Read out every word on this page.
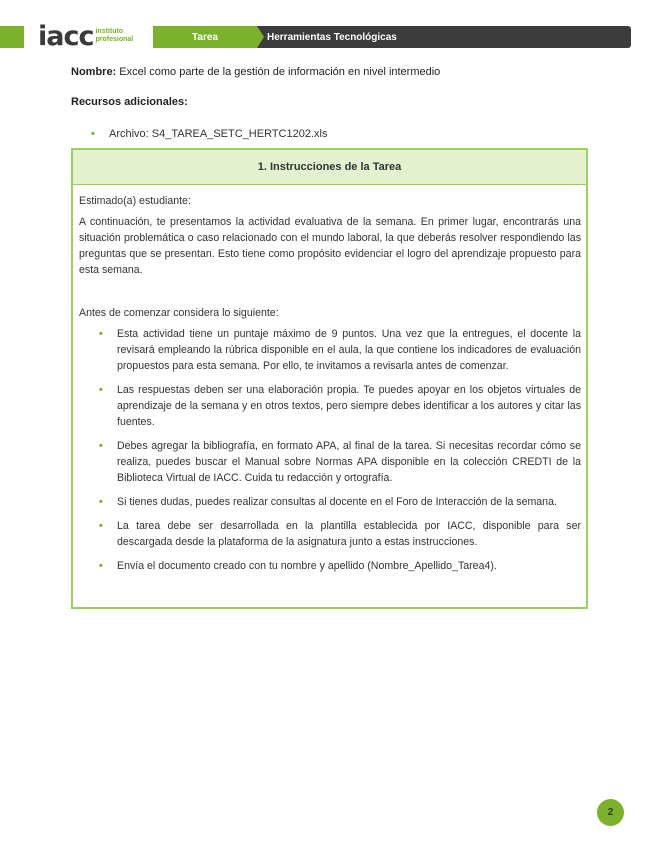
iacc instituto
profesional	Tarea	Herramientas Tecnológicas
Nombre: Excel como parte de la gestión de información en nivel intermedio
Recursos adicionales:
• Archivo: S4_TAREA_SETC_HERTC1202.xls
1. Instrucciones de la Tarea

Estimado(a) estudiante:

A continuación, te presentamos la actividad evaluativa de la semana. En primer lugar, encontrarás una situación problemática o caso relacionado con el mundo laboral, la que deberás resolver respondiendo las preguntas que se presentan. Esto tiene como propósito evidenciar el logro del aprendizaje propuesto para esta semana.

Antes de comenzar considera lo siguiente:

• Esta actividad tiene un puntaje máximo de 9 puntos. Una vez que la entregues, el docente la revisará empleando la rúbrica disponible en el aula, la que contiene los indicadores de evaluación propuestos para esta semana. Por ello, te invitamos a revisarla antes de comenzar.
• Las respuestas deben ser una elaboración propia. Te puedes apoyar en los objetos virtuales de aprendizaje de la semana y en otros textos, pero siempre debes identificar a los autores y citar las fuentes.
• Debes agregar la bibliografía, en formato APA, al final de la tarea. Si necesitas recordar cómo se realiza, puedes buscar el Manual sobre Normas APA disponible en la colección CREDTI de la Biblioteca Virtual de IACC. Cuida tu redacción y ortografía.
• Si tienes dudas, puedes realizar consultas al docente en el Foro de Interacción de la semana.
• La tarea debe ser desarrollada en la plantilla establecida por IACC, disponible para ser descargada desde la plataforma de la asignatura junto a estas instrucciones.
• Envía el documento creado con tu nombre y apellido (Nombre_Apellido_Tarea4).
2
